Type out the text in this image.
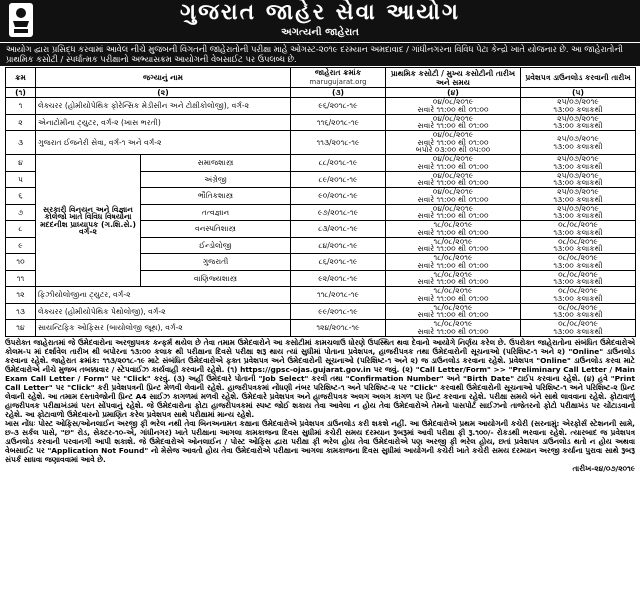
ગુજરાત જાહેર સેવા આયોગ
અગત્યની જાહેરાત
આયોગ દ્વારા પ્રસિદ્ધ કરવામાં આવેલ નીચે મુજબની વિગતની જાહેરાતોની પરીક્ષા માહે ઓગસ્ટ-૨૦૧૯ દરમ્યાન અમદાવાદ / ગાંધીનગરના વિવિધ પેટા કેન્દ્રો ખાતે યોજનાર છે. આ જાહેરાતોની પ્રાથમિક કસોટી / સ્પર્ધાત્મક પરીક્ષાનો અભ્યાસક્રમ આયોગની વેબસાઈટ પર ઉપલબ્ધ છે.
ક્રમ	જગ્યાનું નામ		જાહેરાત ક્રમાંક
marugujarat.org	પ્રાથમિક કસોટી / મુખ્ય કસોટીની તારીખ અને સમય	પ્રવેશપત્ર ડાઉનલોડ કરવાની તારીખ
(૧)	(૨)		(૩)	(૪)	(૫)
૧	લેક્ચરર (હોમીયોપેથિક ફોરેન્સિક મેડીસીન અને ટોક્ષીકોલોજી), વર્ગ-૨		૯૬/૨૦૧૮-૧૯	૦૪/૦૮/૨૦૧૯
સવારે ૧૧:૦૦ થી ૦૧:૦૦	૨૫/૦૭/૨૦૧૯
૧૩:૦૦ કલાકથી
૨	એનાટોમીના ટ્યુટર, વર્ગ-૨ (ખાસ ભરતી)		૧૧૬/૨૦૧૮-૧૯	૦૪/૦૮/૨૦૧૯
સવારે ૧૧:૦૦ થી ૦૧:૦૦	૨૫/૦૭/૨૦૧૯
૧૩:૦૦ કલાકથી
૩	ગુજરાત ઈજનેરી સેવા, વર્ગ-૧ અને વર્ગ-૨		૧૧૩/૨૦૧૮-૧૯	૦૪/૦૮/૨૦૧૯
સવારે ૧૧:૦૦ થી ૦૧:૦૦
બપોરે ૦૩:૦૦ થી ૦૫:૦૦	૨૫/૦૭/૨૦૧૯
૧૩:૦૦ કલાકથી
૪	સરકારી વિનયન અને વિજ્ઞાન કોલેજો ખાતે વિવિધ વિષયોના મદદનીશ પ્રાધ્યાપક (ગ.શિ.સે.) વર્ગ-૨	સમાજશાસ્ત્ર	૮૮/૨૦૧૮-૧૯	૦૪/૦૮/૨૦૧૯
સવારે ૧૧:૦૦ થી ૦૧:૦૦	૨૫/૦૭/૨૦૧૯
૧૩:૦૦ કલાકથી
૫		અંગ્રેજી	૮૯/૨૦૧૮-૧૯	૦૪/૦૮/૨૦૧૯
સવારે ૧૧:૦૦ થી ૦૧:૦૦	૨૫/૦૭/૨૦૧૯
૧૩:૦૦ કલાકથી
૬		ભૌતિકશાસ્ત્ર	૯૦/૨૦૧૮-૧૯	૦૪/૦૮/૨૦૧૯
સવારે ૧૧:૦૦ થી ૦૧:૦૦	૨૫/૦૭/૨૦૧૯
૧૩:૦૦ કલાકથી
૭		તત્વજ્ઞાન	૯૭/૨૦૧૮-૧૯	૦૪/૦૮/૨૦૧૯
સવારે ૧૧:૦૦ થી ૦૧:૦૦	૨૫/૦૭/૨૦૧૯
૧૩:૦૦ કલાકથી
૮		વનસ્પતિશાસ્ત્ર	૮૩/૨૦૧૮-૧૯	૧૮/૦૮/૨૦૧૯
સવારે ૧૧:૦૦ થી ૦૧:૦૦	૦૮/૦૮/૨૦૧૯
૧૩:૦૦ કલાકથી
૯		ઈન્ડોલોજી	૮૪/૨૦૧૮-૧૯	૧૮/૦૮/૨૦૧૯
સવારે ૧૧:૦૦ થી ૦૧:૦૦	૦૮/૦૮/૨૦૧૯
૧૩:૦૦ કલાકથી
૧૦		ગુજરાતી	૮૬/૨૦૧૮-૧૯	૧૮/૦૮/૨૦૧૯
સવારે ૧૧:૦૦ થી ૦૧:૦૦	૦૮/૦૮/૨૦૧૯
૧૩:૦૦ કલાકથી
૧૧		વાણિજ્યશાસ્ત્ર	૯૨/૨૦૧૮-૧૯	૧૮/૦૮/૨૦૧૯
સવારે ૧૧:૦૦ થી ૦૧:૦૦	૦૮/૦૮/૨૦૧૯
૧૩:૦૦ કલાકથી
૧૨	ફિઝીયોલોજીના ટ્યુટર, વર્ગ-૨		૧૧૮/૨૦૧૮-૧૯	૧૮/૦૮/૨૦૧૯
સવારે ૧૧:૦૦ થી ૦૧:૦૦	૦૮/૦૮/૨૦૧૯
૧૩:૦૦ કલાકથી
૧૩	લેક્ચરર (હોમીયોપેથિક પેથોલોજી), વર્ગ-૨		૯૯/૨૦૧૮-૧૯	૧૮/૦૮/૨૦૧૯
સવારે ૧૧:૦૦ થી ૦૧:૦૦	૦૮/૦૮/૨૦૧૯
૧૩:૦૦ કલાકથી
૧૪	સાયન્ટિફિક ઓફિસર (બાયોલોજી જૂથ), વર્ગ-૨		૧૨૪/૨૦૧૮-૧૯	૧૮/૦૮/૨૦૧૯
સવારે ૧૧:૦૦ થી ૦૧:૦૦	૦૮/૦૮/૨૦૧૯
૧૩:૦૦ કલાકથી
ઉપરોક્ત જાહેરાતમાં જે ઉમેદવારોના અરજીપત્રક કન્ફર્મ થયેલ છે તેવા તમામ ઉમેદવારોને આ કસોટીમાં કામચલાઉ ધોરણે ઉપસ્થિત થવા દેવાનો આયોગે નિર્ણય કરેલ છે. ઉપરોક્ત જાહેરાતોના સંબંધિત ઉમેદવારોએ કોલમ-૫ માં દર્શાવેલ તારીખ થી બપોરના ૧૩:૦૦ કલાક થી પરીક્ષાના દિવસે પરીક્ષા શરૂ થાય ત્યાં સુધીમાં પોતાના પ્રવેશપત્ર, હાજરીપત્રક તથા ઉમેદવારોની સૂચનાઓ (પરિશિષ્ટ-૧ અને ૨) "Online" ડાઉનલોડ કરવાના રહેશે. જાહેરાત ક્રમાંક: ૧૧૩/૨૦૧૮-૧૯ માટે સંબંધિત ઉમેદવારોએ ફક્ત પ્રવેશપત્ર અને ઉમેદવારોની સૂચનાઓ (પરિશિષ્ટ-૧ અને ૨) જ ડાઉનલોડ કરવાના રહેશે. પ્રવેશપત્ર "Online" ડાઉનલોડ કરવા માટે ઉમેદવારોએ નીચે મુજબ તબક્કાવાર / સ્ટેપવાઈઝ કાર્યવાહી કરવાની રહેશે. (૧) https://gpsc-ojas.gujarat.gov.in પર જવું. (૨) "Call Letter/Form" >> "Preliminary Call Letter / Main Exam Call Letter / Form" પર "Click" કરવું. (૩) અહીં ઉમેદવારે પોતાની "Job Select" કરવી તથા "Confirmation Number" અને "Birth Date" ટાઈપ કરવાના રહેશે. (૪) હવે "Print Call Letter" પર "Click" કરી પ્રવેશપત્રની પ્રિન્ટ મેળવી લેવાની રહેશે. હાજરીપત્રકમાં નોંધણી નંબર પરિશિષ્ટ-૧ અને પરિશિષ્ટ-૨ પર "Click" કરવાથી ઉમેદવારોની સૂચનાઓ પરિશિષ્ટ-૧ અને પરિશિષ્ટ-૨ પ્રિન્ટ લેવાની રહેશે. આ તમામ દસ્તાવેજોની પ્રિન્ટ A4 સાઈઝ કાગળમાં મળવી રહેશે. ઉમેદવારે પ્રવેશપત્ર અને હાજરીપત્રક અલગ અલગ કાગળ પર પ્રિન્ટ કરવાના રહેશે. પરીક્ષા સમયે બંને સાથે લાવવાના રહેશે. ફોટાવાળું હાજરીપત્રક પરીક્ષાખંડમાં પરત સોંપવાનું રહેશે. જે ઉમેદવારોના ફોટા હાજરીપત્રકમાં સ્પષ્ટ જોઈ શકાય તેવા આવેલા ન હોય તેવા ઉમેદવારોએ તેમનો પાસપોર્ટ સાઈઝનો તાજેતરનો ફોટો પરીક્ષાખંડ પર ચોંટાડવાનો રહેશે. આ ફોટાવાળો ઉમેદવારનો પ્રમાણિત કરેલ પ્રવેશપત્ર સાથે પરીક્ષામાં માન્ય રહેશે.
ખાસ નોંધઃ પોસ્ટ ઓફિસ/ઓનલાઈન અરજી ફી ભરેલ નથી તેવા બિનઅનામત કક્ષાના ઉમેદવારોએ પ્રવેશપત્ર ડાઉનલોડ કરી શકશે નહીં. આ ઉમેદવારોએ પ્રથમ આયોગની કચેરી (સરનામું: એરફોર્સ સ્ટેશનની સામે, છ-૩ સર્કલ પાસે, "છ" રોડ, સેક્ટર-૧૦-એ, ગાંધીનગર) ખાતે પરીક્ષાના આગલા કામકાજના દિવસ સુધીમાં કચેરી સમય દરમ્યાન રૂબરૂમાં આવી પરીક્ષા ફી રૂ.૧૦૦/- રોકડથી ભરવાના રહેશે. ત્યારબાદ જ પ્રવેશપત્ર ડાઉનલોડ કરવાની પરવાનગી આપી શકાશે. જે ઉમેદવારોએ ઓનલાઈન / પોસ્ટ ઓફિસ દ્વારા પરીક્ષા ફી ભરેલ હોય તેવા ઉમેદવારોએ પણ અરજી ફી ભરેલ હોય, છતાં પ્રવેશપત્ર ડાઉનલોડ થતો ન હોય અથવા વેબસાઈટ પર "Application Not Found" નો મેસેજ આવતો હોય તેવા ઉમેદવારોએ પરીક્ષાના આગલા કામકાજના દિવસ સુધીમાં આયોગની કચેરી ખાતે કચેરી સમય દરમ્યાન અરજી કર્યાના પુરાવા સાથે રૂબરૂ સંપર્ક સાધવા જણાવવામાં આવે છે.
તારીખ-૨૪/૦૭/૨૦૧૯
